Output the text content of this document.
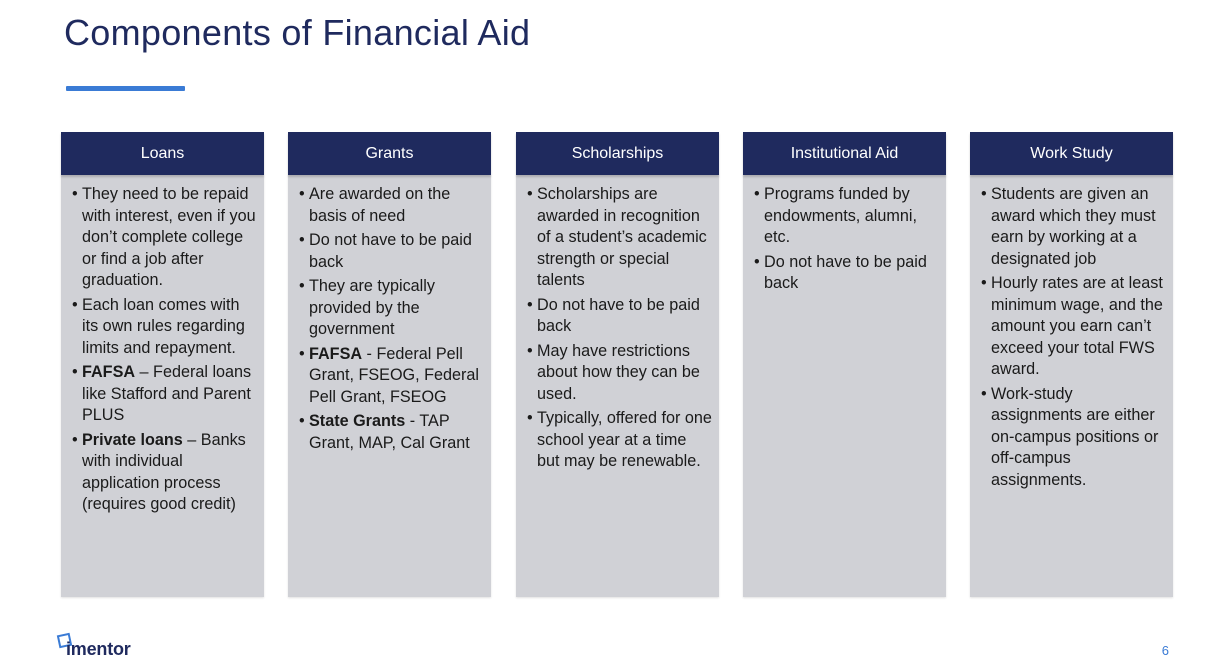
Components of Financial Aid
Loans
• They need to be repaid with interest, even if you don’t complete college or find a job after graduation.
• Each loan comes with its own rules regarding limits and repayment.
• FAFSA – Federal loans like Stafford and Parent PLUS
• Private loans – Banks with individual application process (requires good credit)
Grants
• Are awarded on the basis of need
• Do not have to be paid back
• They are typically provided by the government
• FAFSA - Federal Pell Grant, FSEOG, Federal Pell Grant, FSEOG
• State Grants - TAP Grant, MAP, Cal Grant
Scholarships
• Scholarships are awarded in recognition of a student’s academic strength or special talents
• Do not have to be paid back
• May have restrictions about how they can be used.
• Typically, offered for one school year at a time but may be renewable.
Institutional Aid
• Programs funded by endowments, alumni, etc.
• Do not have to be paid back
Work Study
• Students are given an award which they must earn by working at a designated job
• Hourly rates are at least minimum wage, and the amount you earn can’t exceed your total FWS award.
• Work-study assignments are either on-campus positions or off-campus assignments.
imentor	6
